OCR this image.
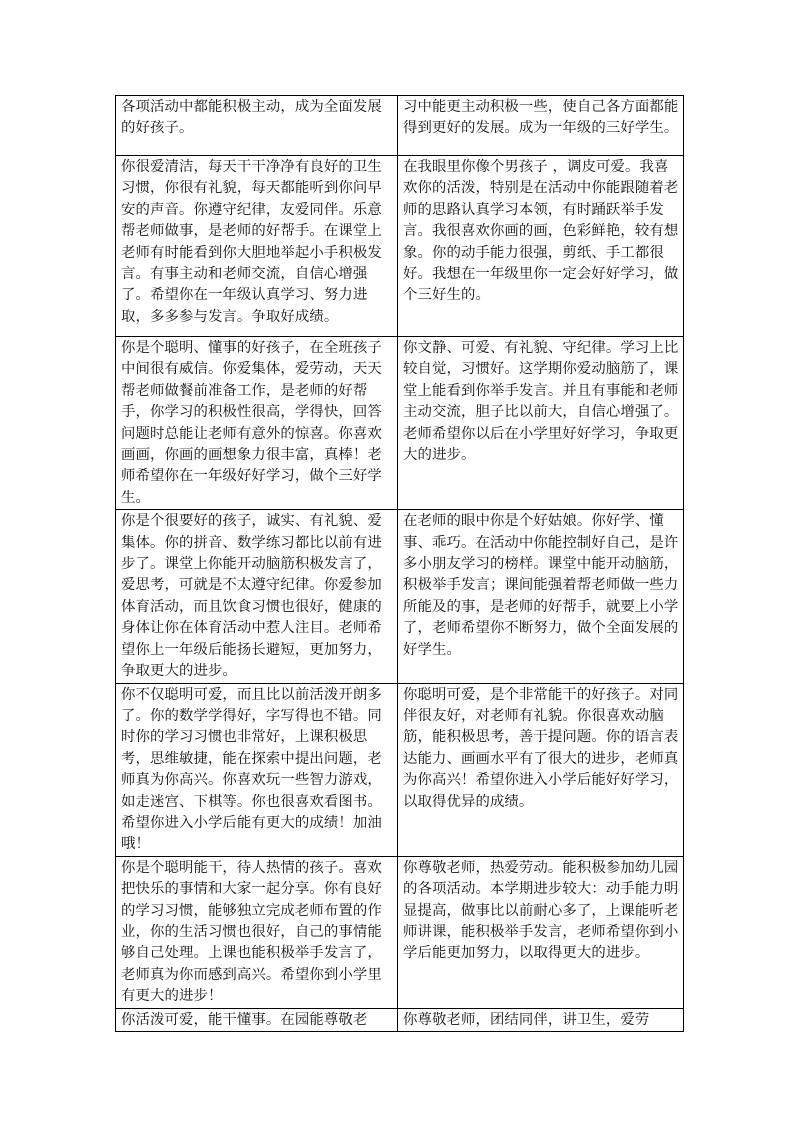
各项活动中都能积极主动，成为全面发展的好孩子。	习中能更主动积极一些，使自己各方面都能得到更好的发展。成为一年级的三好学生。

你很爱清洁，每天干干净净有良好的卫生习惯，你很有礼貌，每天都能听到你问早安的声音。你遵守纪律，友爱同伴。乐意帮老师做事，是老师的好帮手。在课堂上老师有时能看到你大胆地举起小手积极发言。有事主动和老师交流，自信心增强了。希望你在一年级认真学习、努力进取，多多参与发言。争取好成绩。	在我眼里你像个男孩子 ，调皮可爱。我喜欢你的活泼，特别是在活动中你能跟随着老师的思路认真学习本领，有时踊跃举手发言。我很喜欢你画的画，色彩鲜艳，较有想象。你的动手能力很强，剪纸、手工都很好。我想在一年级里你一定会好好学习，做个三好生的。

你是个聪明、懂事的好孩子，在全班孩子中间很有威信。你爱集体，爱劳动，天天帮老师做餐前准备工作，是老师的好帮手，你学习的积极性很高，学得快，回答问题时总能让老师有意外的惊喜。你喜欢画画，你画的画想象力很丰富，真棒！老师希望你在一年级好好学习，做个三好学生。	你文静、可爱、有礼貌、守纪律。学习上比较自觉，习惯好。这学期你爱动脑筋了，课堂上能看到你举手发言。并且有事能和老师主动交流，胆子比以前大，自信心增强了。老师希望你以后在小学里好好学习，争取更大的进步。

你是个很要好的孩子，诚实、有礼貌、爱集体。你的拼音、数学练习都比以前有进步了。课堂上你能开动脑筋积极发言了，爱思考，可就是不太遵守纪律。你爱参加体育活动，而且饮食习惯也很好，健康的身体让你在体育活动中惹人注目。老师希望你上一年级后能扬长避短，更加努力，争取更大的进步。	在老师的眼中你是个好姑娘。你好学、懂事、乖巧。在活动中你能控制好自己，是许多小朋友学习的榜样。课堂中能开动脑筋，积极举手发言；课间能强着帮老师做一些力所能及的事，是老师的好帮手，就要上小学了，老师希望你不断努力，做个全面发展的好学生。

你不仅聪明可爱，而且比以前活泼开朗多了。你的数学学得好，字写得也不错。同时你的学习习惯也非常好，上课积极思考，思维敏捷，能在探索中提出问题，老师真为你高兴。你喜欢玩一些智力游戏，如走迷宫、下棋等。你也很喜欢看图书。希望你进入小学后能有更大的成绩！加油哦！	你聪明可爱，是个非常能干的好孩子。对同伴很友好，对老师有礼貌。你很喜欢动脑筋，能积极思考，善于提问题。你的语言表达能力、画画水平有了很大的进步，老师真为你高兴！希望你进入小学后能好好学习，以取得优异的成绩。

你是个聪明能干，待人热情的孩子。喜欢把快乐的事情和大家一起分享。你有良好的学习习惯，能够独立完成老师布置的作业，你的生活习惯也很好，自己的事情能够自己处理。上课也能积极举手发言了，老师真为你而感到高兴。希望你到小学里有更大的进步！	你尊敬老师，热爱劳动。能积极参加幼儿园的各项活动。本学期进步较大：动手能力明显提高，做事比以前耐心多了，上课能听老师讲课，能积极举手发言，老师希望你到小学后能更加努力，以取得更大的进步。

你活泼可爱，能干懂事。在园能尊敬老	你尊敬老师，团结同伴，讲卫生，爱劳
